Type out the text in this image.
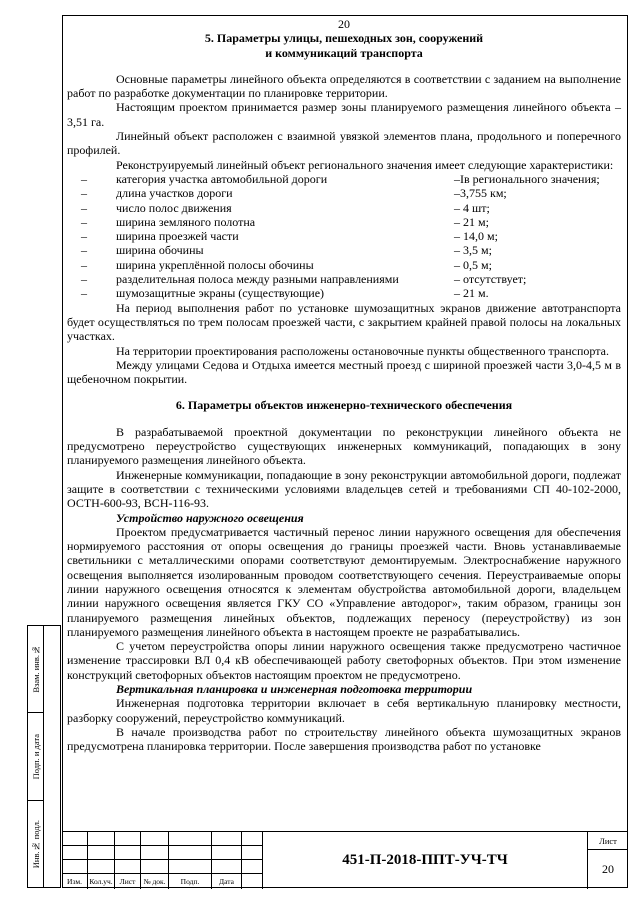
Взам. инв.№
Подп. и дата
Инв.№ подл.

20

5. Параметры улицы, пешеходных зон, сооружений

и коммуникаций транспорта

Основные параметры линейного объекта определяются в соответствии с заданием на выполнение работ по разработке документации по планировке территории.

Настоящим проектом принимается размер зоны планируемого размещения линейного объекта – 3,51 га.

Линейный объект расположен с взаимной увязкой элементов плана, продольного и поперечного профилей.

Реконструируемый линейный объект регионального значения имеет следующие характеристики:

–	категория участка автомобильной дороги	–Iв регионального значения;
–	длина участков дороги	–3,755 км;
–	число полос движения	– 4 шт;
–	ширина земляного полотна	– 21 м;
–	ширина проезжей части	– 14,0 м;
–	ширина обочины	– 3,5 м;
–	ширина укреплённой полосы обочины	– 0,5 м;
–	разделительная полоса между разными направлениями	– отсутствует;
–	шумозащитные экраны (существующие)	– 21 м.

На период выполнения работ по установке шумозащитных экранов движение автотранспорта будет осуществляться по трем полосам проезжей части, с закрытием крайней правой полосы на локальных участках.

На территории проектирования расположены остановочные пункты общественного транспорта.

Между улицами Седова и Отдыха имеется местный проезд с шириной проезжей части 3,0-4,5 м в щебеночном покрытии.

6. Параметры объектов инженерно-технического обеспечения

В разрабатываемой проектной документации по реконструкции линейного объекта не предусмотрено переустройство существующих инженерных коммуникаций, попадающих в зону планируемого размещения линейного объекта.

Инженерные коммуникации, попадающие в зону реконструкции автомобильной дороги, подлежат защите в соответствии с техническими условиями владельцев сетей и требованиями СП 40-102-2000, ОСТН-600-93, ВСН-116-93.

Устройство наружного освещения

Проектом предусматривается частичный перенос линии наружного освещения для обеспечения нормируемого расстояния от опоры освещения до границы проезжей части. Вновь устанавливаемые светильники с металлическими опорами соответствуют демонтируемым. Электроснабжение наружного освещения выполняется изолированным проводом соответствующего сечения. Переустраиваемые опоры линии наружного освещения относятся к элементам обустройства автомобильной дороги, владельцем линии наружного освещения является ГКУ СО «Управление автодорог», таким образом, границы зон планируемого размещения линейных объектов, подлежащих переносу (переустройству) из зон планируемого размещения линейного объекта в настоящем проекте не разрабатывались.

С учетом переустройства опоры линии наружного освещения также предусмотрено частичное изменение трассировки ВЛ 0,4 кВ обеспечивающей работу светофорных объектов. При этом изменение конструкций светофорных объектов настоящим проектом не предусмотрено.

Вертикальная планировка и инженерная подготовка территории

Инженерная подготовка территории включает в себя вертикальную планировку местности, разборку сооружений, переустройство коммуникаций.

В начале производства работ по строительству линейного объекта шумозащитных экранов предусмотрена планировка территории. После завершения производства работ по установке

Изм. Кол.уч. Лист	№ док.	Подп.	Дата
451-П-2018-ППТ-УЧ-ТЧ
Лист
20
